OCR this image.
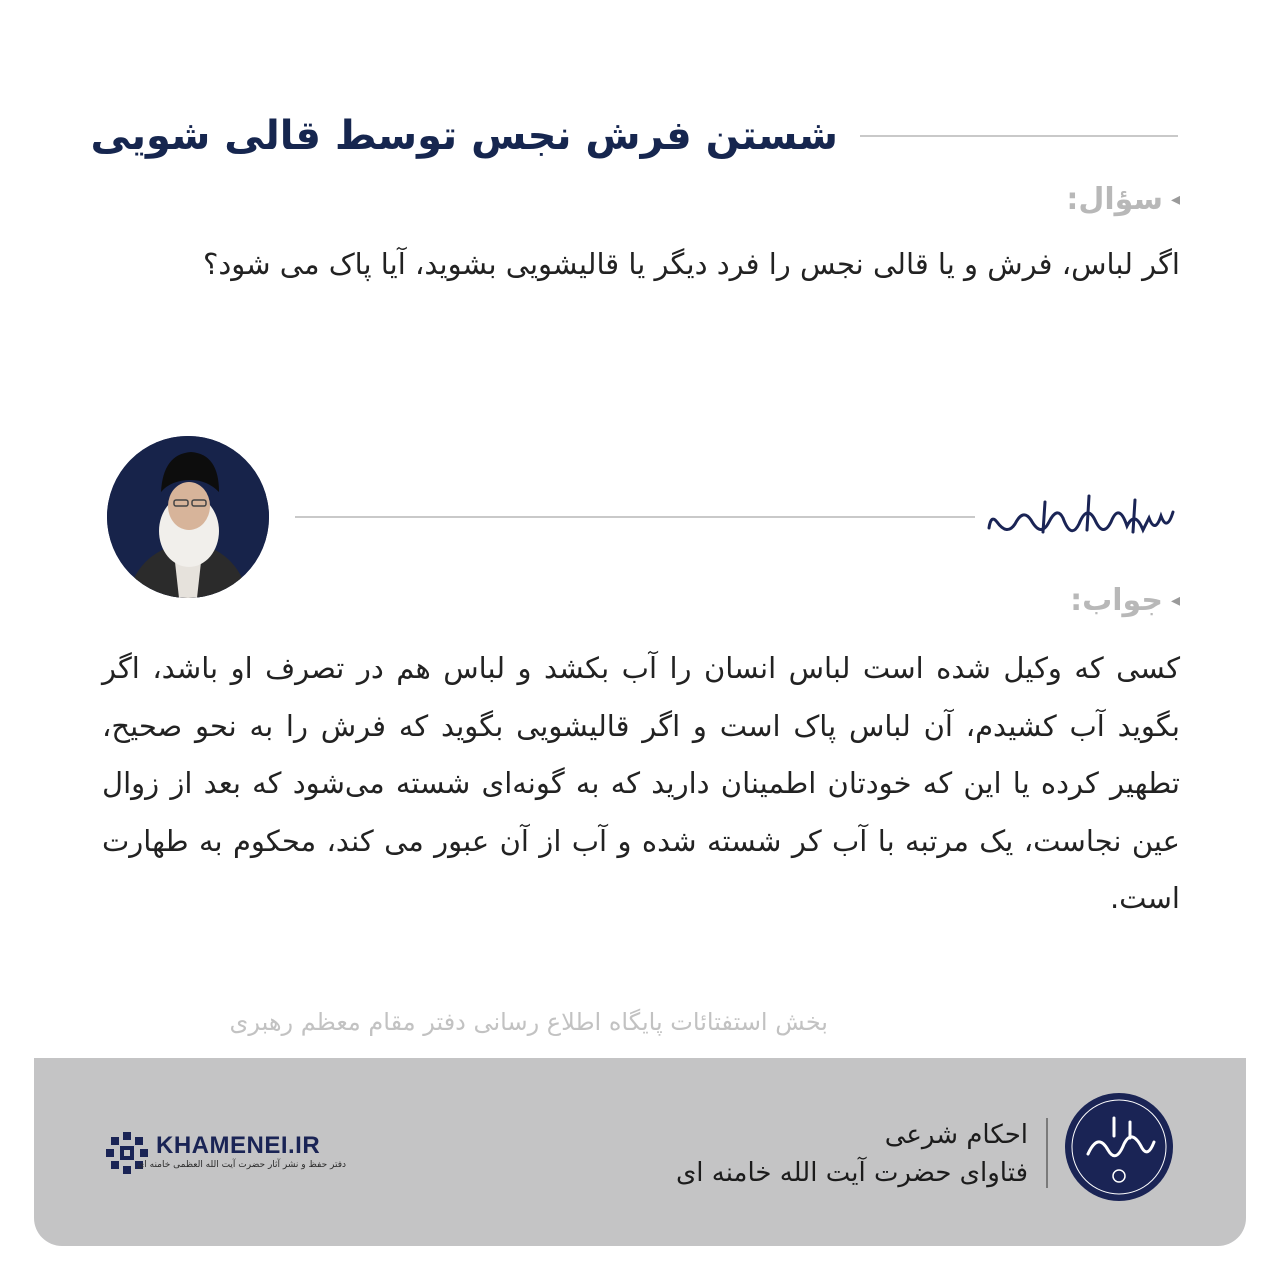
شستن فرش نجس توسط قالی شویی
◂سؤال:
اگر لباس، فرش و یا قالی نجس را فرد دیگر یا قالیشویی بشوید، آیا پاک می شود؟
◂جواب:
کسی که وکیل شده است لباس انسان را آب بکشد و لباس هم در تصرف او باشد، اگر بگوید آب کشیدم، آن لباس پاک است و اگر قالیشویی بگوید که فرش را به نحو صحیح، تطهیر کرده یا این که خودتان اطمینان دارید که به گونه‌ای شسته می‌شود که بعد از زوال عین نجاست، یک مرتبه با آب کر شسته شده و آب از آن عبور می کند، محکوم به طهارت است.
بخش استفتائات پایگاه اطلاع رسانی دفتر مقام معظم رهبری
احکام شرعی
فتاوای حضرت آیت الله خامنه ای
KHAMENEI.IR
دفتر حفظ و نشر آثار حضرت آیت الله العظمی خامنه ای
